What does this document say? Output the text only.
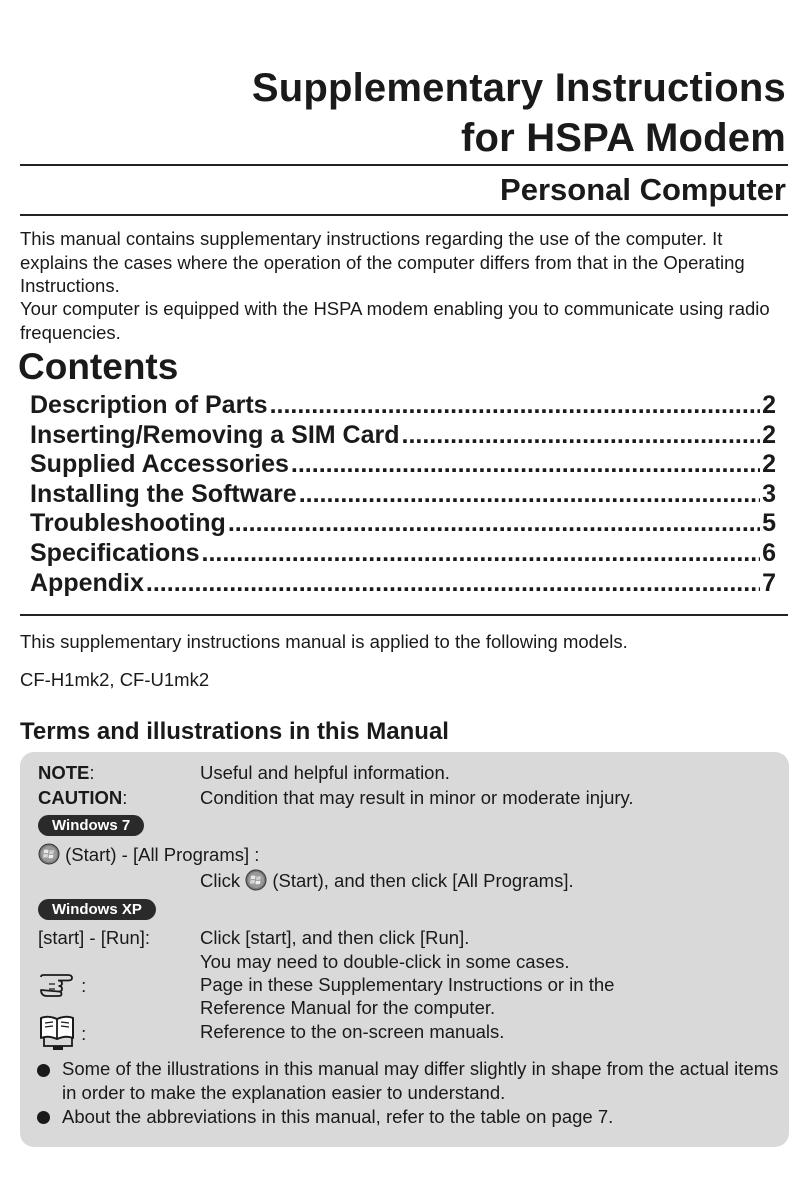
Supplementary Instructions
for HSPA Modem
Personal Computer
This manual contains supplementary instructions regarding the use of the computer. It explains the cases where the operation of the computer differs from that in the Operating Instructions.
Your computer is equipped with the HSPA modem enabling you to communicate using radio frequencies.
Contents
Description of Parts .....	2
Inserting/Removing a SIM Card .....	2
Supplied Accessories .....	2
Installing the Software .....	3
Troubleshooting .....	5
Specifications .....	6
Appendix .....	7
This supplementary instructions manual is applied to the following models.
CF-H1mk2, CF-U1mk2
Terms and illustrations in this Manual
NOTE:	Useful and helpful information.
CAUTION:	Condition that may result in minor or moderate injury.
Windows 7
(Start) - [All Programs] :
Click (Start), and then click [All Programs].
Windows XP
[start] - [Run]:	Click [start], and then click [Run].
You may need to double-click in some cases.
:	Page in these Supplementary Instructions or in the
Reference Manual for the computer.
:	Reference to the on-screen manuals.
Some of the illustrations in this manual may differ slightly in shape from the actual items in order to make the explanation easier to understand.
About the abbreviations in this manual, refer to the table on page 7.
